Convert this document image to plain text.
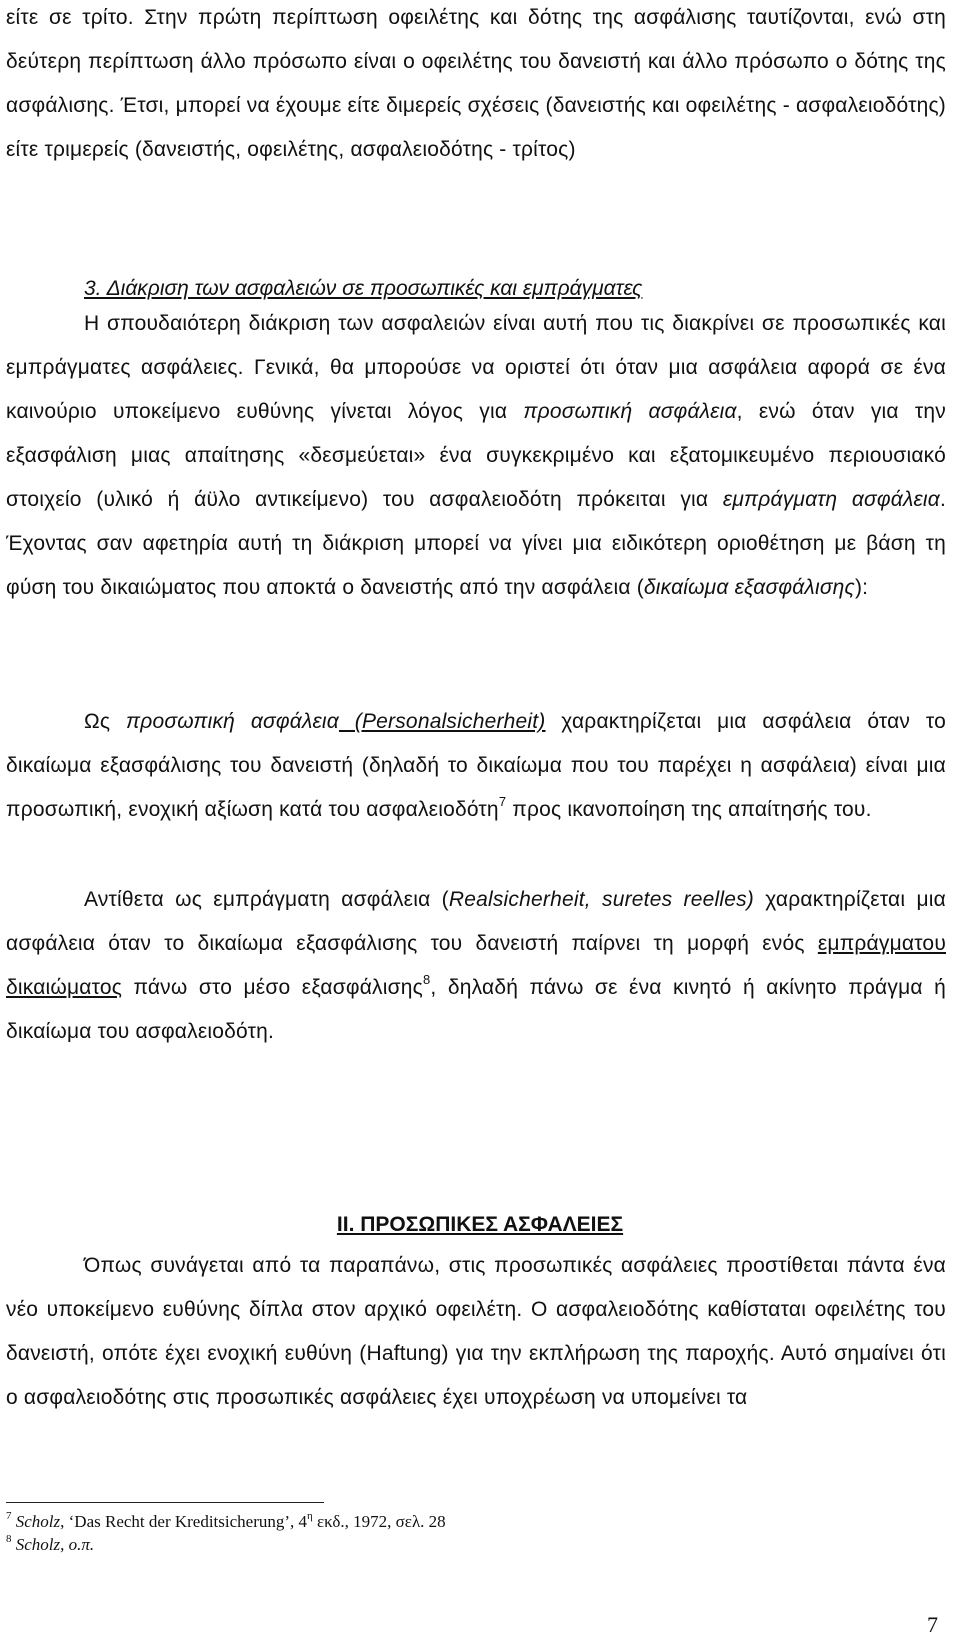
είτε σε τρίτο. Στην πρώτη περίπτωση οφειλέτης και δότης της ασφάλισης ταυτίζονται, ενώ στη δεύτερη περίπτωση άλλο πρόσωπο είναι ο οφειλέτης του δανειστή και άλλο πρόσωπο ο δότης της ασφάλισης. Έτσι, μπορεί να έχουμε είτε διμερείς σχέσεις (δανειστής και οφειλέτης - ασφαλειοδότης) είτε τριμερείς (δανειστής, οφειλέτης, ασφαλειοδότης - τρίτος)
3. Διάκριση των ασφαλειών σε προσωπικές και εμπράγματες
Η σπουδαιότερη διάκριση των ασφαλειών είναι αυτή που τις διακρίνει σε προσωπικές και εμπράγματες ασφάλειες. Γενικά, θα μπορούσε να οριστεί ότι όταν μια ασφάλεια αφορά σε ένα καινούριο υποκείμενο ευθύνης γίνεται λόγος για προσωπική ασφάλεια, ενώ όταν για την εξασφάλιση μιας απαίτησης «δεσμεύεται» ένα συγκεκριμένο και εξατομικευμένο περιουσιακό στοιχείο (υλικό ή άϋλο αντικείμενο) του ασφαλειοδότη πρόκειται για εμπράγματη ασφάλεια. Έχοντας σαν αφετηρία αυτή τη διάκριση μπορεί να γίνει μια ειδικότερη οριοθέτηση με βάση τη φύση του δικαιώματος που αποκτά ο δανειστής από την ασφάλεια (δικαίωμα εξασφάλισης):
Ως προσωπική ασφάλεια (Personalsicherheit) χαρακτηρίζεται μια ασφάλεια όταν το δικαίωμα εξασφάλισης του δανειστή (δηλαδή το δικαίωμα που του παρέχει η ασφάλεια) είναι μια προσωπική, ενοχική αξίωση κατά του ασφαλειοδότη$^7$ προς ικανοποίηση της απαίτησής του.
Αντίθετα ως εμπράγματη ασφάλεια (Realsicherheit, suretes reelles) χαρακτηρίζεται μια ασφάλεια όταν το δικαίωμα εξασφάλισης του δανειστή παίρνει τη μορφή ενός εμπράγματου δικαιώματος πάνω στο μέσο εξασφάλισης$^8$, δηλαδή πάνω σε ένα κινητό ή ακίνητο πράγμα ή δικαίωμα του ασφαλειοδότη.
II. ΠΡΟΣΩΠΙΚΕΣ ΑΣΦΑΛΕΙΕΣ
Όπως συνάγεται από τα παραπάνω, στις προσωπικές ασφάλειες προστίθεται πάντα ένα νέο υποκείμενο ευθύνης δίπλα στον αρχικό οφειλέτη. Ο ασφαλειοδότης καθίσταται οφειλέτης του δανειστή, οπότε έχει ενοχική ευθύνη (Haftung) για την εκπλήρωση της παροχής. Αυτό σημαίνει ότι ο ασφαλειοδότης στις προσωπικές ασφάλειες έχει υποχρέωση να υπομείνει τα
$^7$ Scholz, ‘Das Recht der Kreditsicherung’, $4^\eta$ εκδ., 1972, σελ. 28
$^8$ Scholz, ο.π.
7
